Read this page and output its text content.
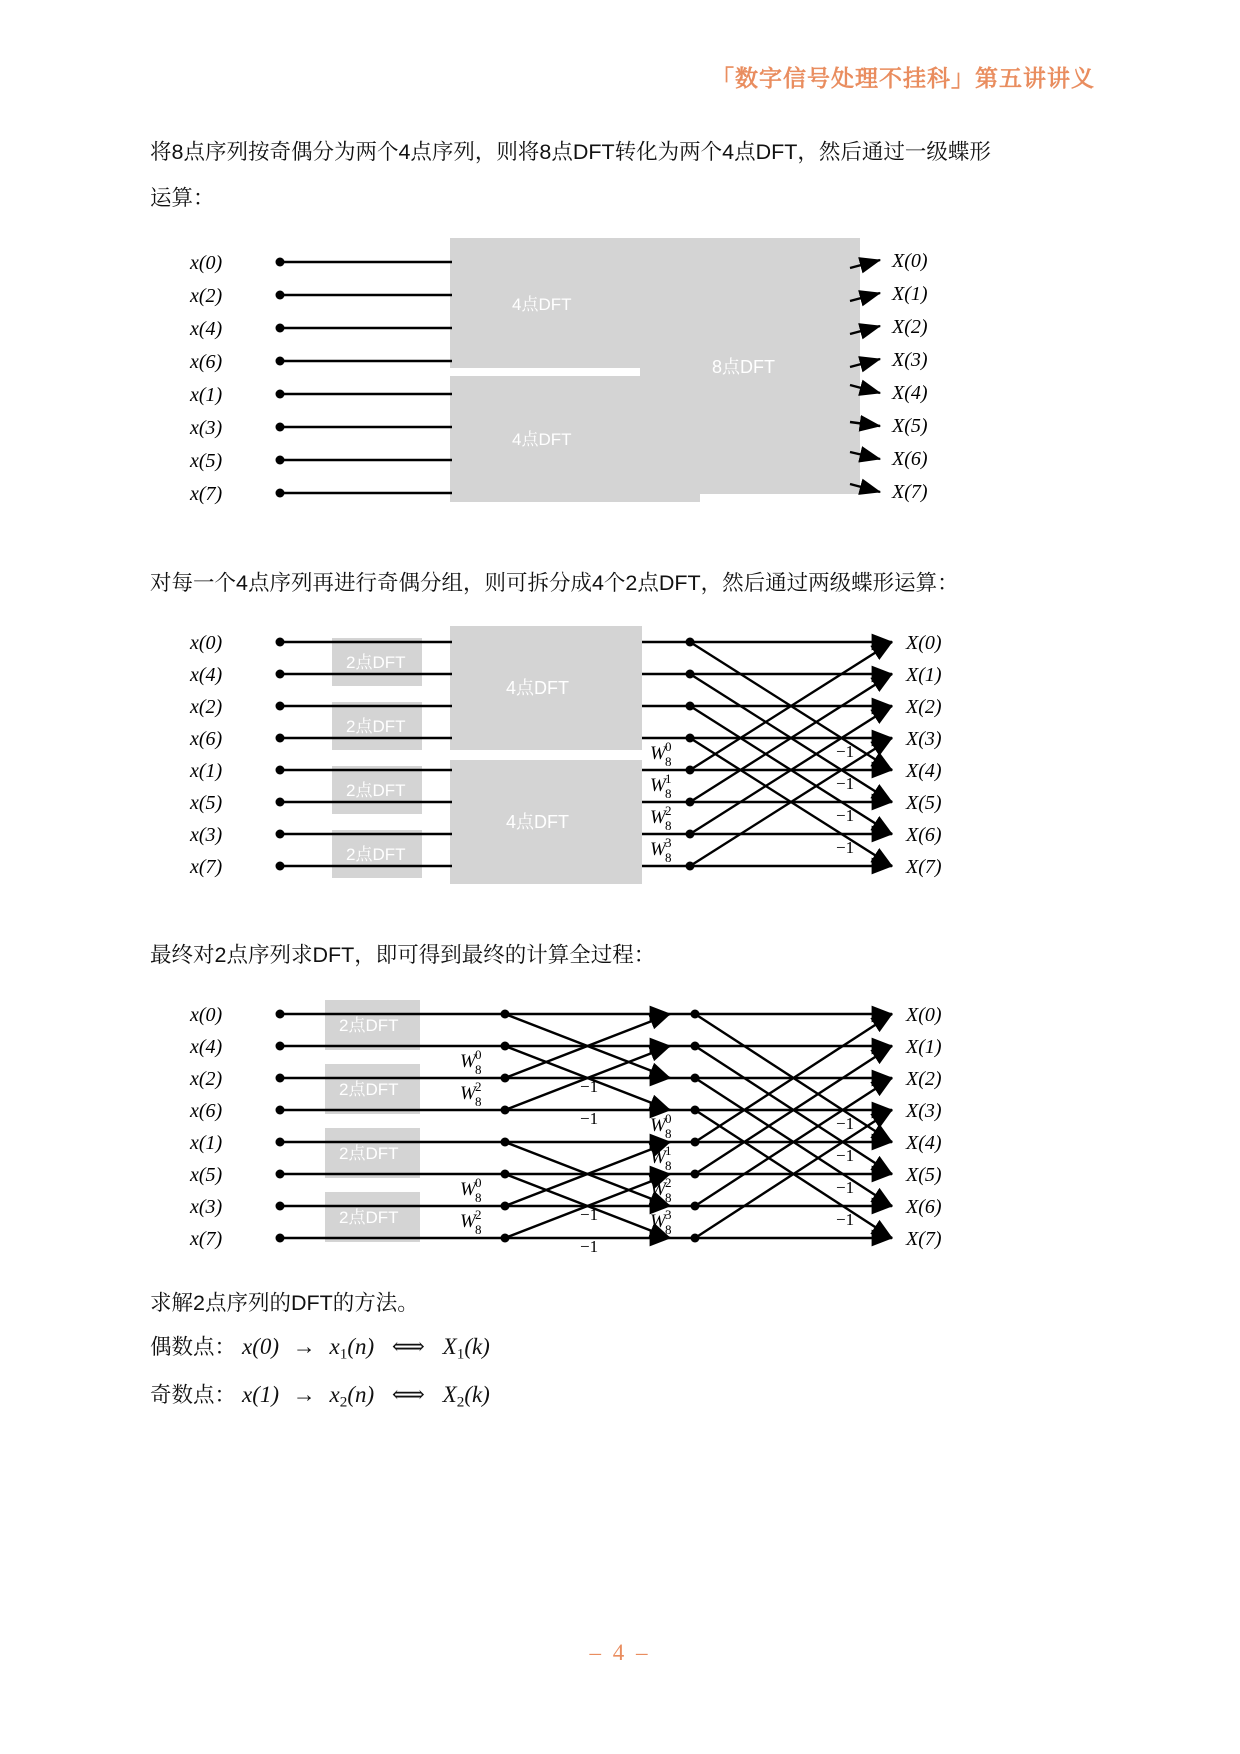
「数字信号处理不挂科」第五讲讲义
将8点序列按奇偶分为两个4点序列，则将8点DFT转化为两个4点DFT，然后通过一级蝶形
运算：
4点DFT
4点DFT
8点DFT
x(0)
x(2)
x(4)
x(6)
x(1)
x(3)
x(5)
x(7)
X(0)
X(1)
X(2)
X(3)
X(4)
X(5)
X(6)
X(7)
对每一个4点序列再进行奇偶分组，则可拆分成4个2点DFT，然后通过两级蝶形运算：
2点DFT
2点DFT
2点DFT
2点DFT
4点DFT
4点DFT
x(0)
x(4)
x(2)
x(6)
x(1)
x(5)
x(3)
x(7)
W 8
0
W 8
1
W 8
2
W 8
3
−1
−1
−1
−1
X(0)
X(1)
X(2)
X(3)
X(4)
X(5)
X(6)
X(7)
最终对2点序列求DFT，即可得到最终的计算全过程：
2点DFT
2点DFT
2点DFT
2点DFT
x(0)
x(4)
x(2)
x(6)
x(1)
x(5)
x(3)
x(7)
W 8
0
W 8
2
W 8
0
W 8
2
−1
−1
−1
−1
W 8
0
W 8
1
W 8
2
W 8
3
−1
−1
−1
−1
X(0)
X(1)
X(2)
X(3)
X(4)
X(5)
X(6)
X(7)
求解2点序列的DFT的方法。
偶数点： $x(0) \to x_1(n)$ ⟺ $X_1(k)$
奇数点： $x(1) \to x_2(n)$ ⟺ $X_2(k)$
– 4 –
